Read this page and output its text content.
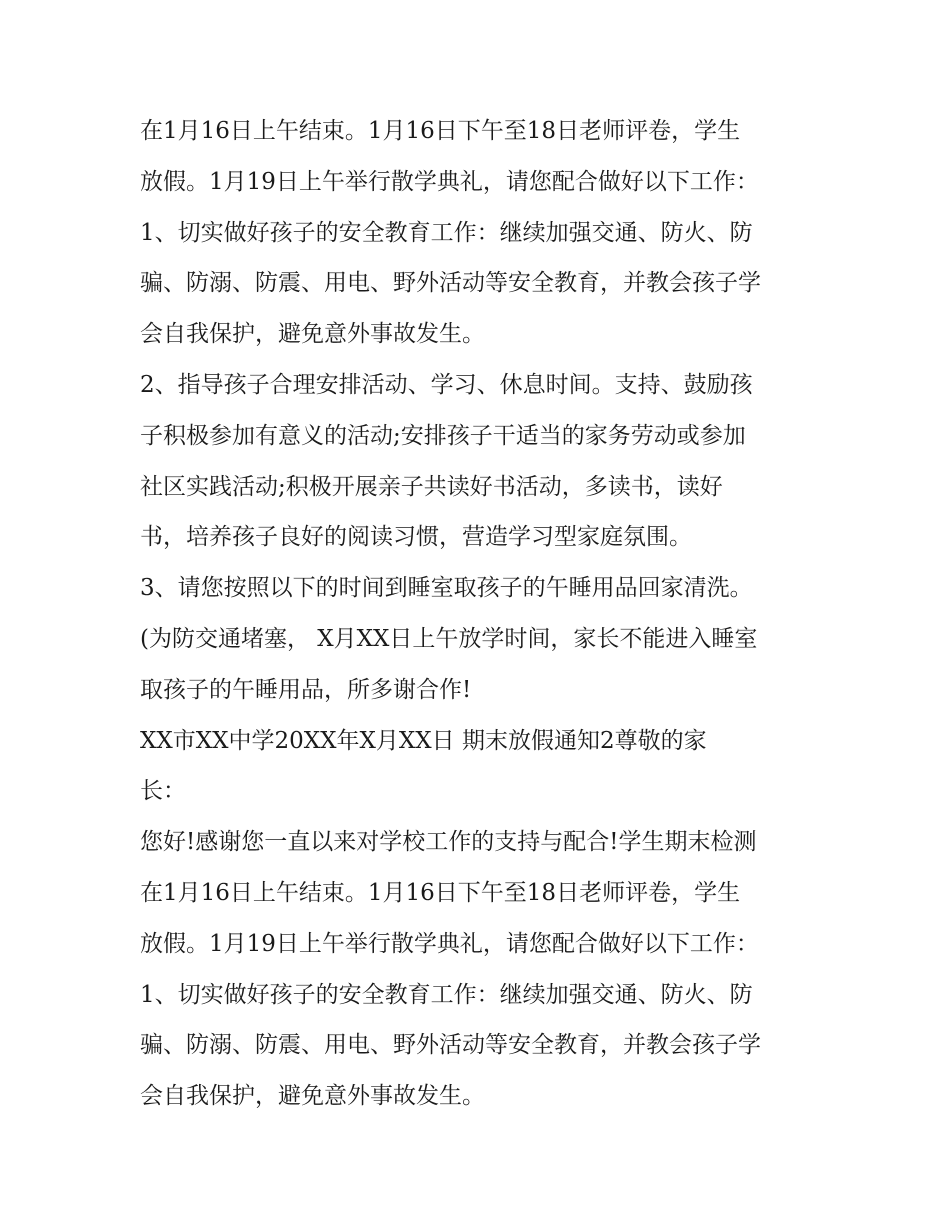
在1月16日上午结束。1月16日下午至18日老师评卷，学生
放假。1月19日上午举行散学典礼，请您配合做好以下工作：
1、切实做好孩子的安全教育工作：继续加强交通、防火、防
骗、防溺、防震、用电、野外活动等安全教育，并教会孩子学
会自我保护，避免意外事故发生。
2、指导孩子合理安排活动、学习、休息时间。支持、鼓励孩
子积极参加有意义的活动;安排孩子干适当的家务劳动或参加
社区实践活动;积极开展亲子共读好书活动，多读书，读好
书，培养孩子良好的阅读习惯，营造学习型家庭氛围。
3、请您按照以下的时间到睡室取孩子的午睡用品回家清洗。
(为防交通堵塞， X月XX日上午放学时间，家长不能进入睡室
取孩子的午睡用品，所多谢合作!
XX市XX中学20XX年X月XX日 期末放假通知2尊敬的家
长：
您好!感谢您一直以来对学校工作的支持与配合!学生期末检测
在1月16日上午结束。1月16日下午至18日老师评卷，学生
放假。1月19日上午举行散学典礼，请您配合做好以下工作：
1、切实做好孩子的安全教育工作：继续加强交通、防火、防
骗、防溺、防震、用电、野外活动等安全教育，并教会孩子学
会自我保护，避免意外事故发生。
